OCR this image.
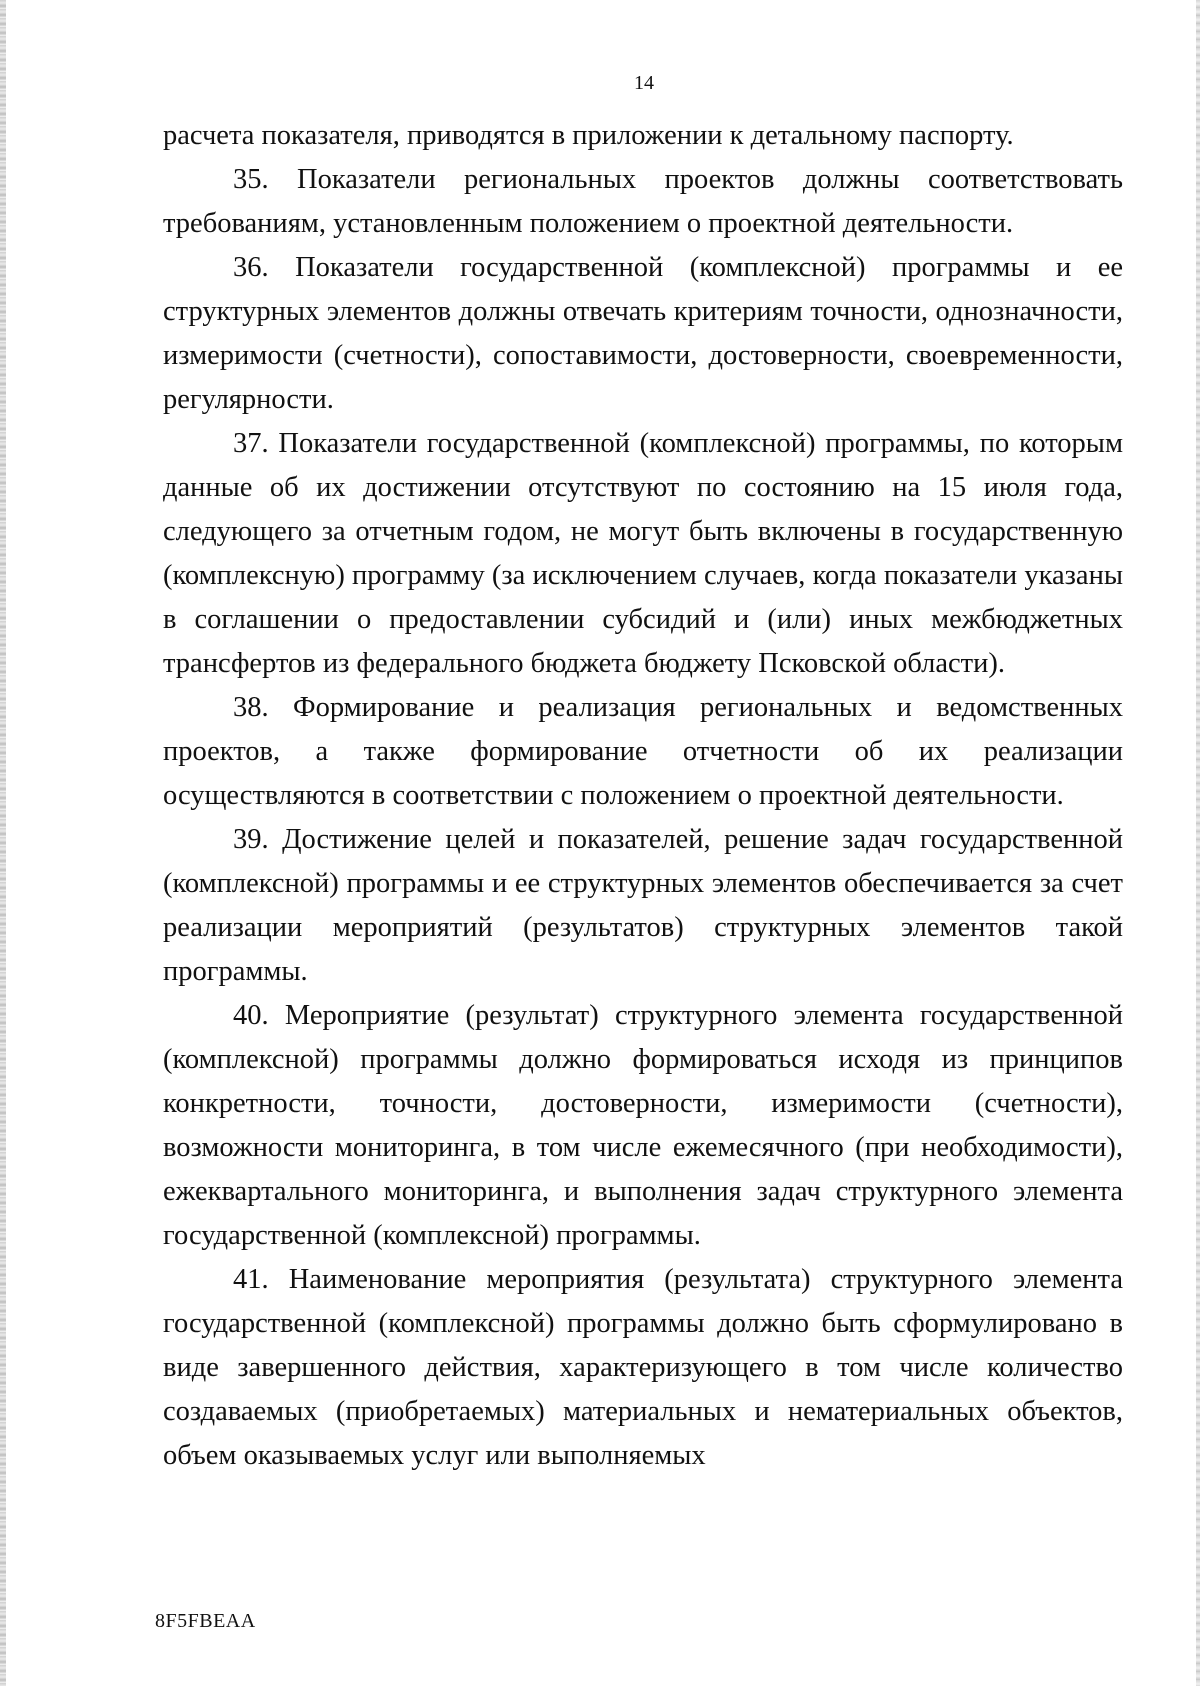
14

расчета показателя, приводятся в приложении к детальному паспорту.

35. Показатели региональных проектов должны соответствовать требованиям, установленным положением о проектной деятельности.

36. Показатели государственной (комплексной) программы и ее структурных элементов должны отвечать критериям точности, однозначности, измеримости (счетности), сопоставимости, достоверности, своевременности, регулярности.

37. Показатели государственной (комплексной) программы, по которым данные об их достижении отсутствуют по состоянию на 15 июля года, следующего за отчетным годом, не могут быть включены в государственную (комплексную) программу (за исключением случаев, когда показатели указаны в соглашении о предоставлении субсидий и (или) иных межбюджетных трансфертов из федерального бюджета бюджету Псковской области).

38. Формирование и реализация региональных и ведомственных проектов, а также формирование отчетности об их реализации осуществляются в соответствии с положением о проектной деятельности.

39. Достижение целей и показателей, решение задач государственной (комплексной) программы и ее структурных элементов обеспечивается за счет реализации мероприятий (результатов) структурных элементов такой программы.

40. Мероприятие (результат) структурного элемента государственной (комплексной) программы должно формироваться исходя из принципов конкретности, точности, достоверности, измеримости (счетности), возможности мониторинга, в том числе ежемесячного (при необходимости), ежеквартального мониторинга, и выполнения задач структурного элемента государственной (комплексной) программы.

41. Наименование мероприятия (результата) структурного элемента государственной (комплексной) программы должно быть сформулировано в виде завершенного действия, характеризующего в том числе количество создаваемых (приобретаемых) материальных и нематериальных объектов, объем оказываемых услуг или выполняемых

8F5FBEAA
